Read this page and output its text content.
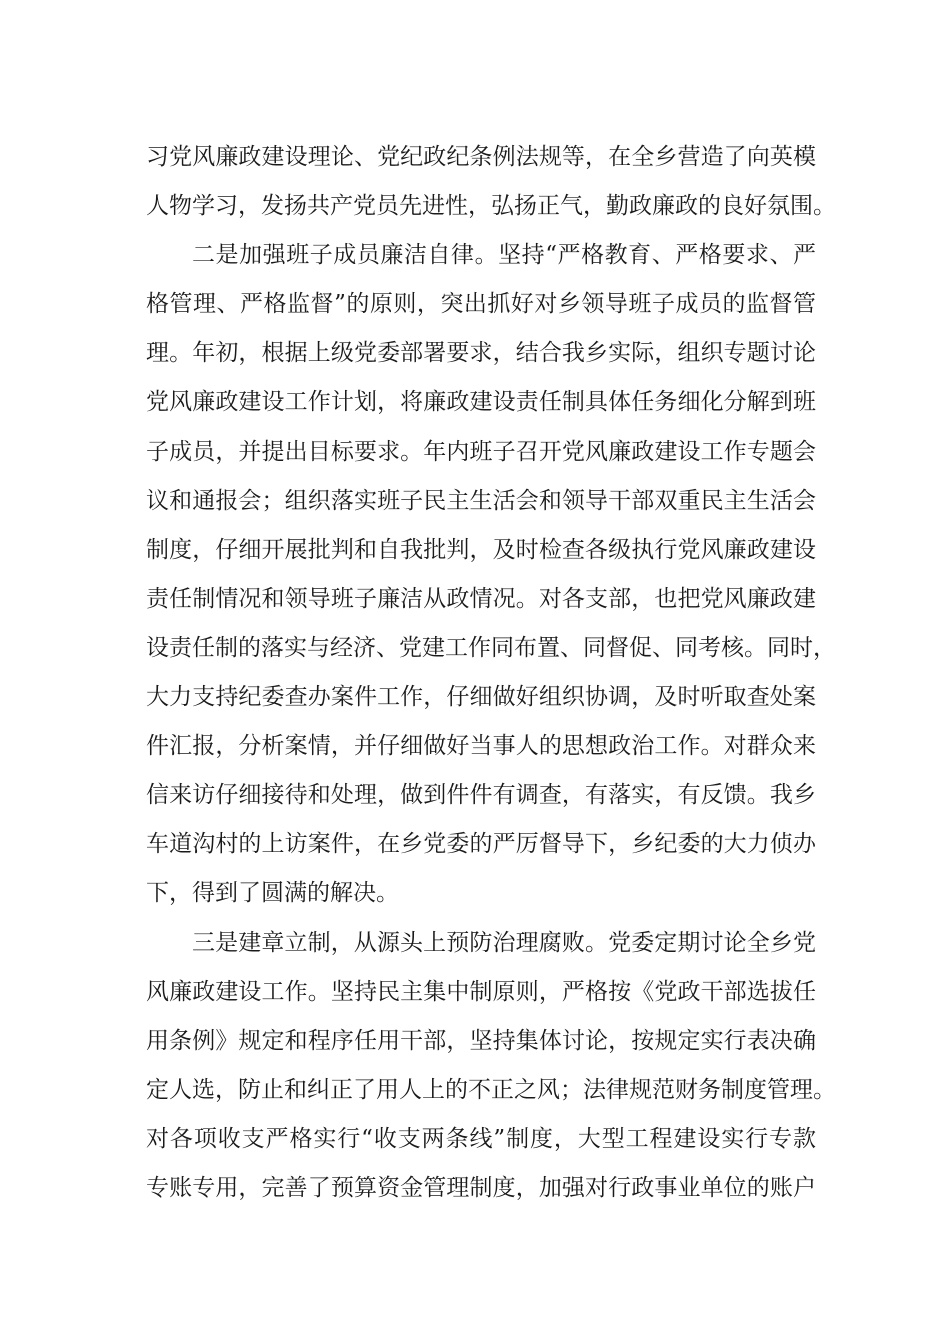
习党风廉政建设理论、党纪政纪条例法规等，在全乡营造了向英模
人物学习，发扬共产党员先进性，弘扬正气，勤政廉政的良好氛围。
二是加强班子成员廉洁自律。坚持“严格教育、严格要求、严
格管理、严格监督”的原则，突出抓好对乡领导班子成员的监督管
理。年初，根据上级党委部署要求，结合我乡实际，组织专题讨论
党风廉政建设工作计划，将廉政建设责任制具体任务细化分解到班
子成员，并提出目标要求。年内班子召开党风廉政建设工作专题会
议和通报会；组织落实班子民主生活会和领导干部双重民主生活会
制度，仔细开展批判和自我批判，及时检查各级执行党风廉政建设
责任制情况和领导班子廉洁从政情况。对各支部，也把党风廉政建
设责任制的落实与经济、党建工作同布置、同督促、同考核。同时，
大力支持纪委查办案件工作，仔细做好组织协调，及时听取查处案
件汇报，分析案情，并仔细做好当事人的思想政治工作。对群众来
信来访仔细接待和处理，做到件件有调查，有落实，有反馈。我乡
车道沟村的上访案件，在乡党委的严厉督导下，乡纪委的大力侦办
下，得到了圆满的解决。
三是建章立制，从源头上预防治理腐败。党委定期讨论全乡党
风廉政建设工作。坚持民主集中制原则，严格按《党政干部选拔任
用条例》规定和程序任用干部，坚持集体讨论，按规定实行表决确
定人选，防止和纠正了用人上的不正之风；法律规范财务制度管理。
对各项收支严格实行“收支两条线”制度，大型工程建设实行专款
专账专用，完善了预算资金管理制度，加强对行政事业单位的账户
